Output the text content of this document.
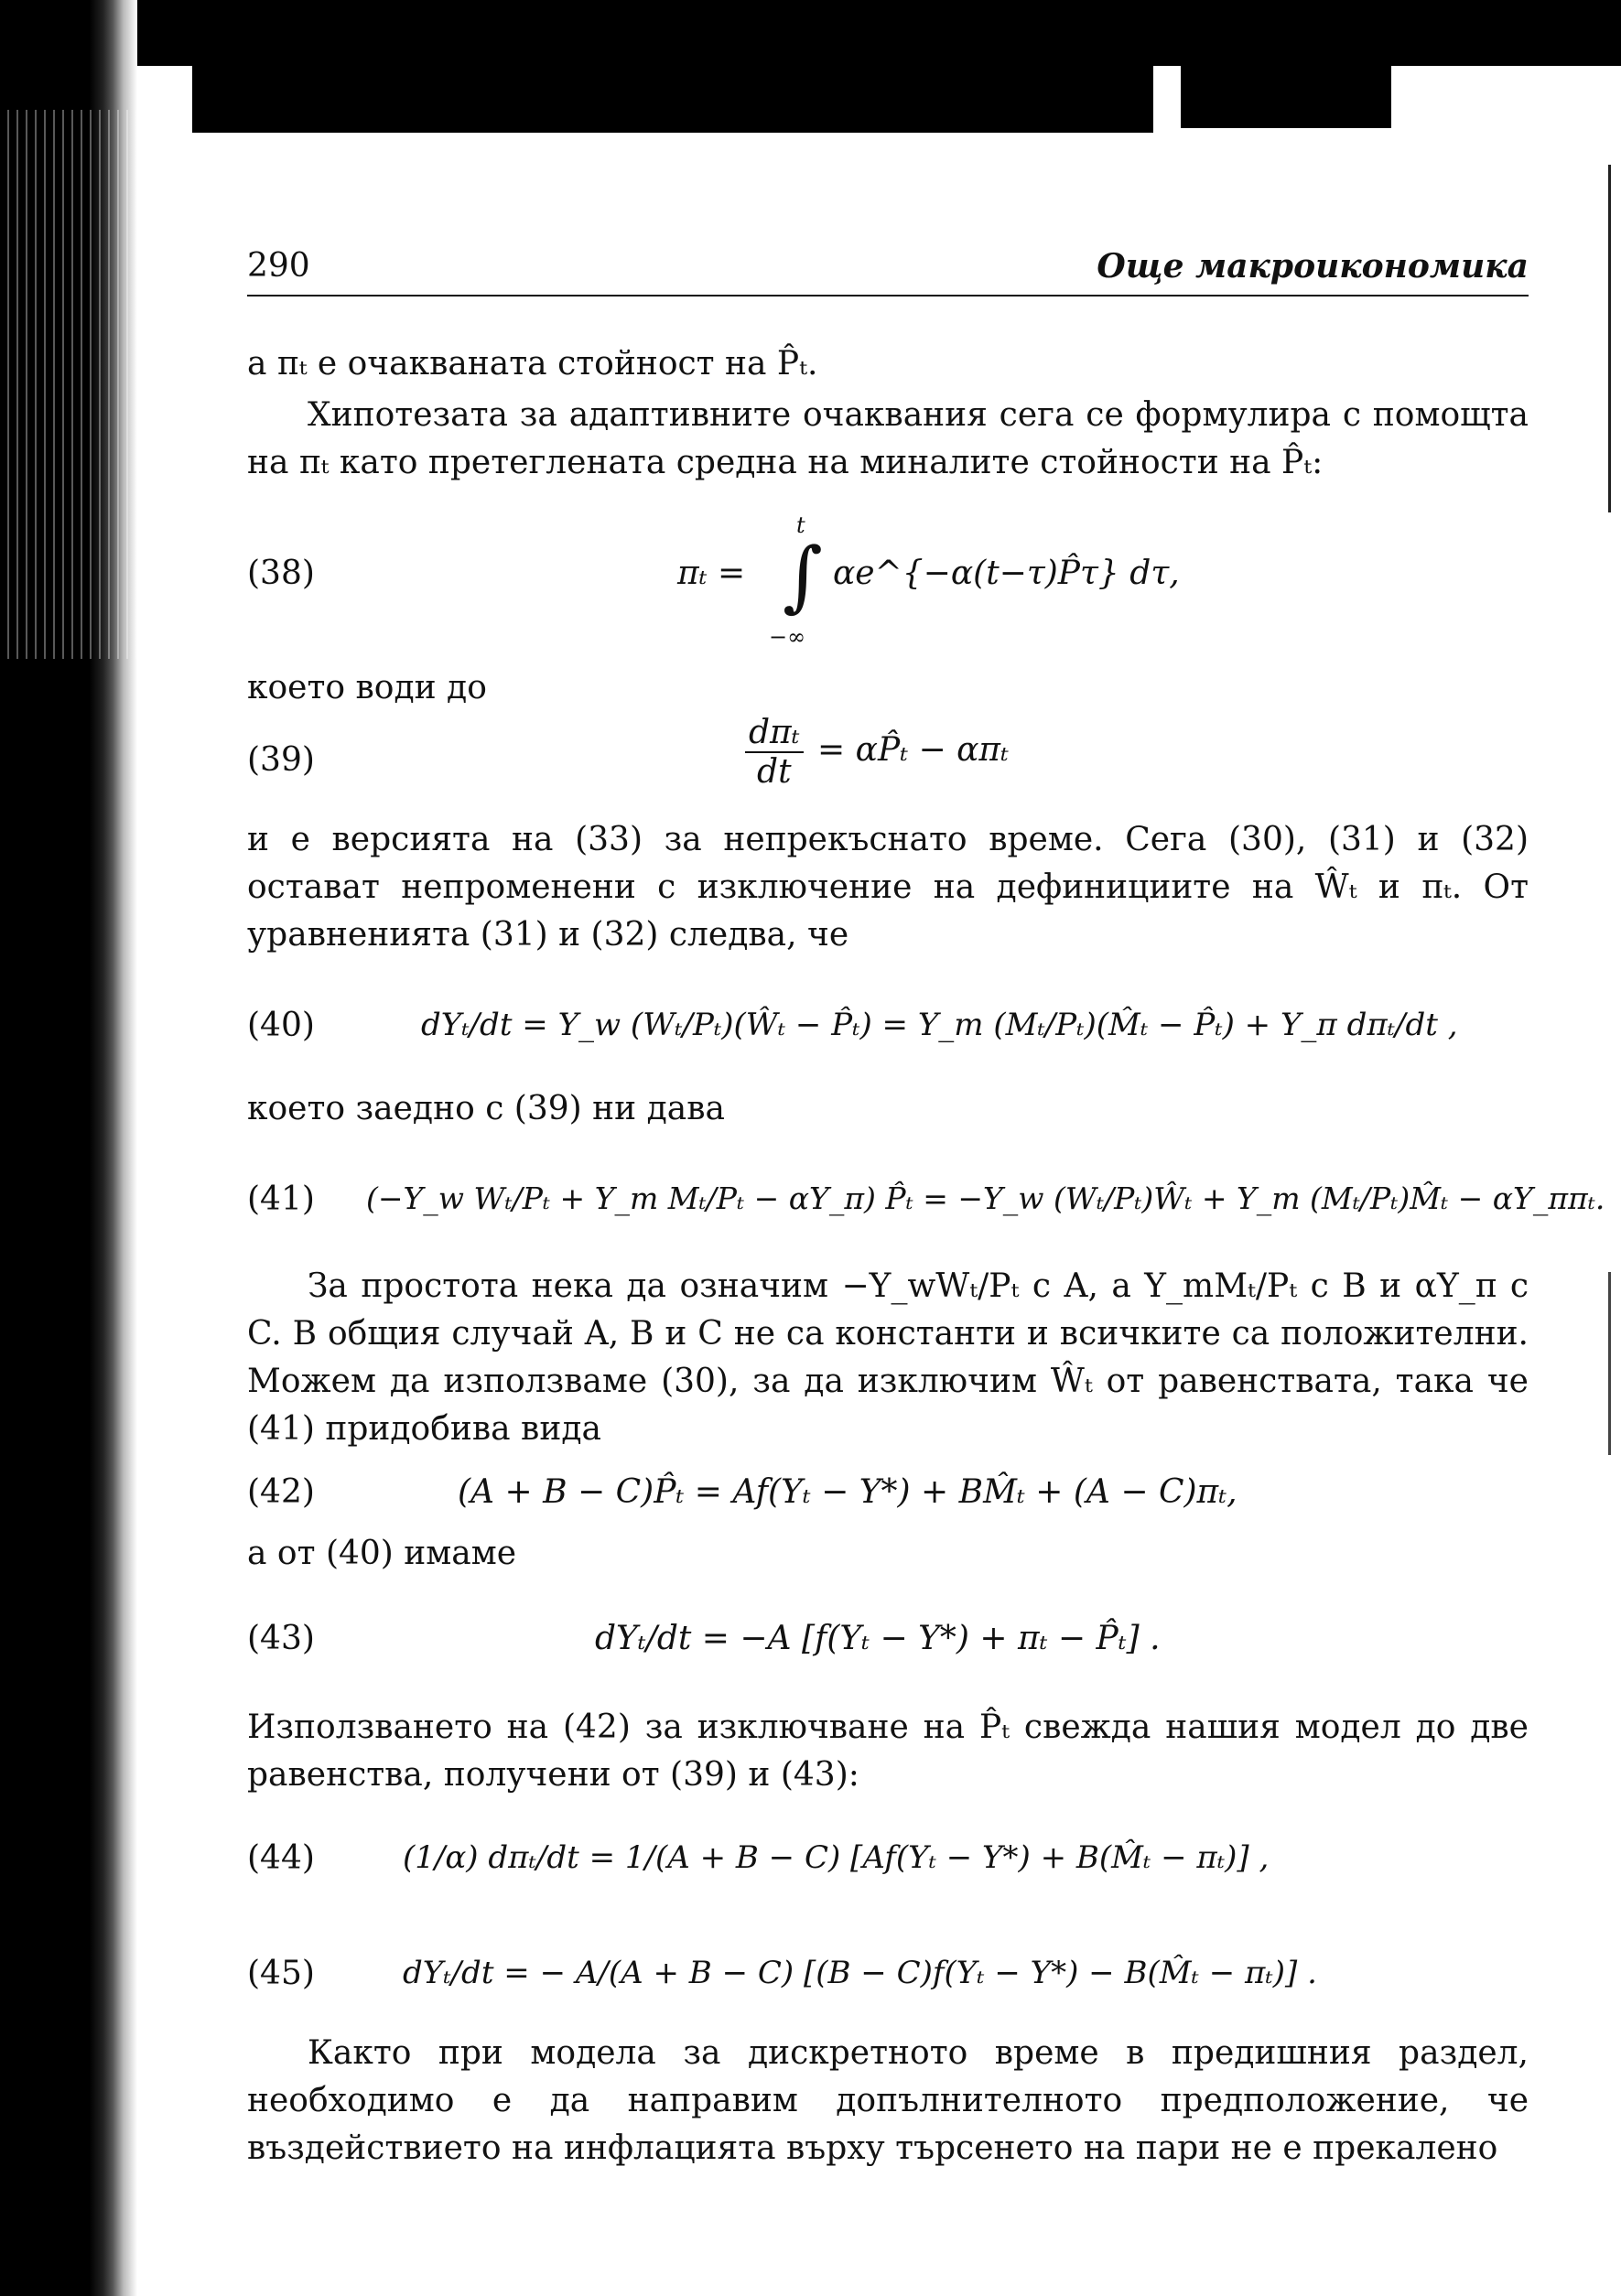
290	Още макроикономика
а πₜ е очакваната стойност на P̂ₜ.
Хипотезата за адаптивните очаквания сега се формулира с помощта на πₜ като претеглената средна на миналите стойности на P̂ₜ:
(38)	πₜ =
t
∫
−∞
αe^{−α(t−τ)P̂τ} dτ,
което води до
(39)	$\frac{\text{dπₜ}}{dt}$ = αP̂ₜ − απₜ
и е версията на (33) за непрекъснато време. Сега (30), (31) и (32) остават непроменени с изключение на дефинициите на Ŵₜ и πₜ. От уравненията (31) и (32) следва, че
(40)	dYₜ/dt = Y_w (Wₜ/Pₜ)(Ŵₜ − P̂ₜ) = Y_m (Mₜ/Pₜ)(M̂ₜ − P̂ₜ) + Y_π dπₜ/dt ,
което заедно с (39) ни дава
(41) (−Y_w Wₜ/Pₜ + Y_m Mₜ/Pₜ − αY_π) P̂ₜ = −Y_w (Wₜ/Pₜ)Ŵₜ + Y_m (Mₜ/Pₜ)M̂ₜ − αY_ππₜ.
За простота нека да означим −Y_wWₜ/Pₜ с A, а Y_mMₜ/Pₜ с B и αY_π с C. В общия случай A, B и C не са константи и всичките са положителни. Можем да използваме (30), за да изключим Ŵₜ от равенствата, така че (41) придобива вида
(42)	(A + B − C)P̂ₜ = Af(Yₜ − Y*) + BM̂ₜ + (A − C)πₜ,
а от (40) имаме
(43)	dYₜ/dt = −A [f(Yₜ − Y*) + πₜ − P̂ₜ] .
Използването на (42) за изключване на P̂ₜ свежда нашия модел до две равенства, получени от (39) и (43):
(44)	(1/α) dπₜ/dt = 1/(A + B − C) [Af(Yₜ − Y*) + B(M̂ₜ − πₜ)] ,
(45)	dYₜ/dt = − A/(A + B − C) [(B − C)f(Yₜ − Y*) − B(M̂ₜ − πₜ)] .
Както при модела за дискретното време в предишния раздел, необходимо е да направим допълнителното предположение, че въздействието на инфлацията върху търсенето на пари не е прекалено
